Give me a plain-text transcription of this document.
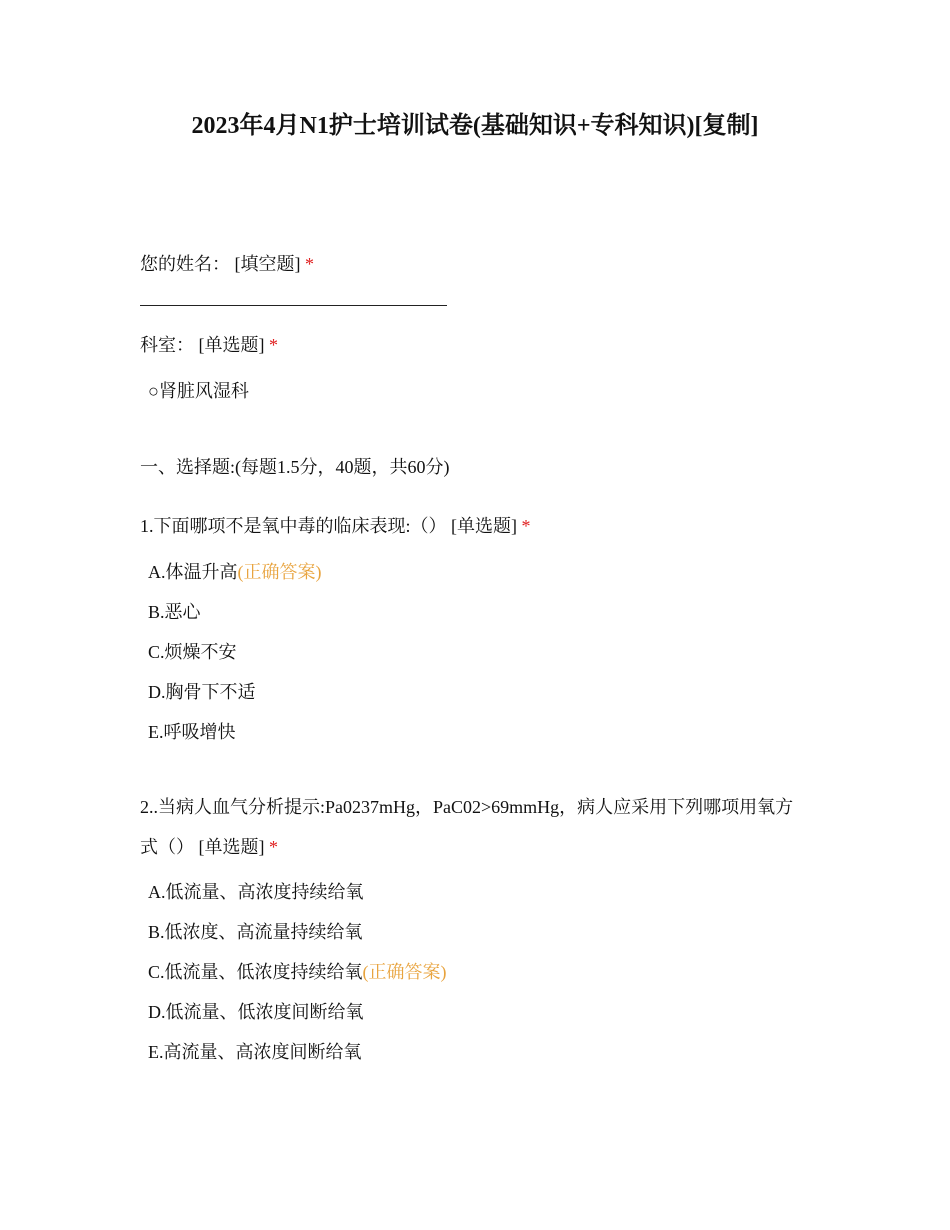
2023年4月N1护士培训试卷(基础知识+专科知识)[复制]
您的姓名： [填空题] *
科室： [单选题] *
○肾脏风湿科
一、选择题:(每题1.5分，40题，共60分)
1.下面哪项不是氧中毒的临床表现:（） [单选题] *
A.体温升高(正确答案)
B.恶心
C.烦燥不安
D.胸骨下不适
E.呼吸增快
2..当病人血气分析提示:Pa0237mHg，PaC02>69mmHg，病人应采用下列哪项用氧方式（） [单选题] *
A.低流量、高浓度持续给氧
B.低浓度、高流量持续给氧
C.低流量、低浓度持续给氧(正确答案)
D.低流量、低浓度间断给氧
E.高流量、高浓度间断给氧
